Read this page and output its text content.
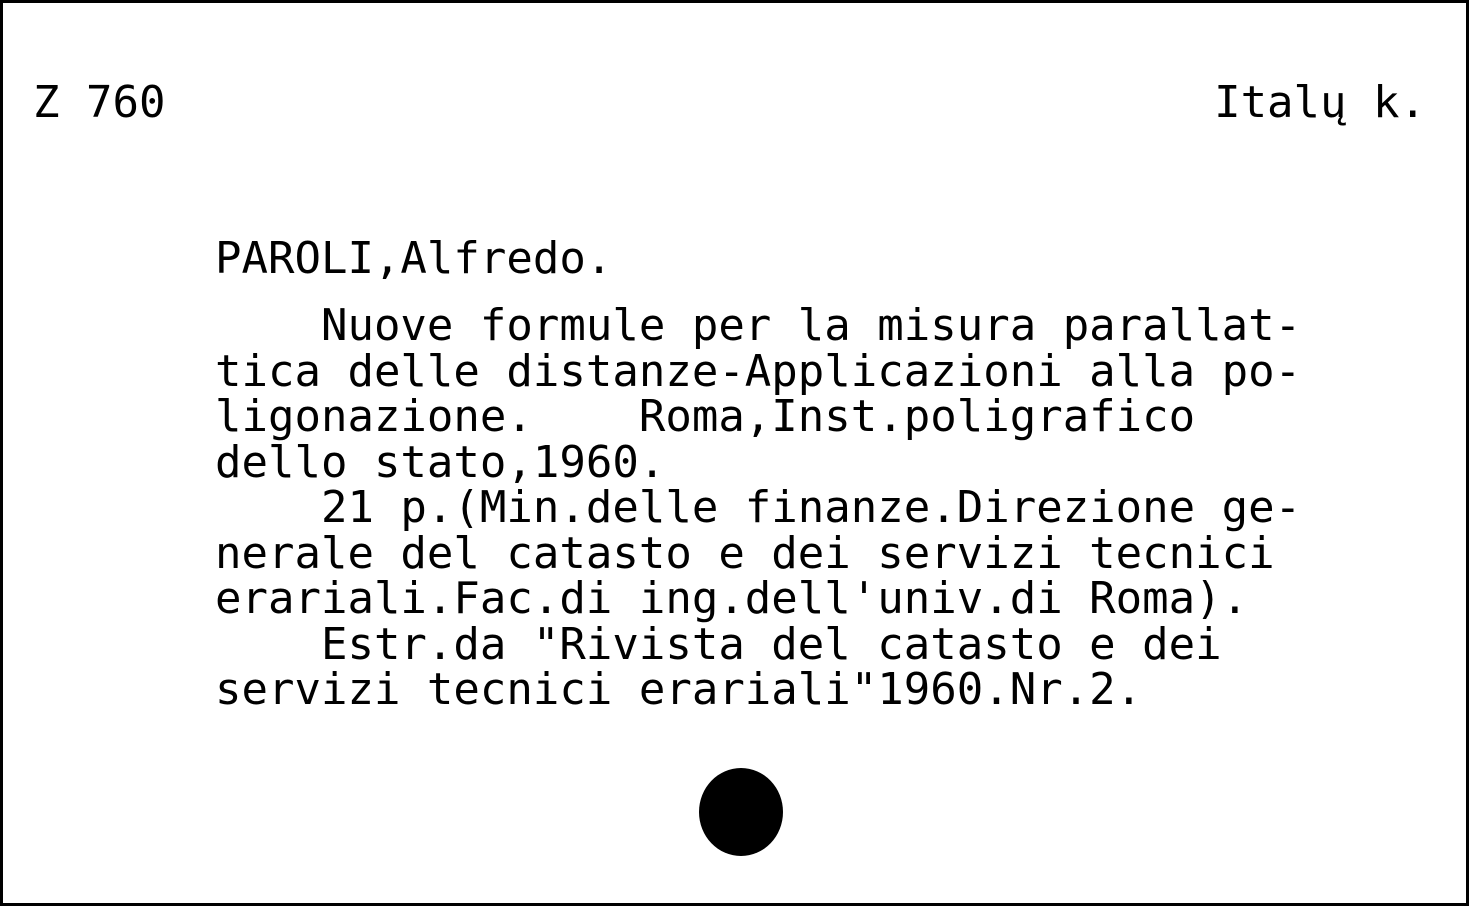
Z 760	Italų k.
PAROLI,Alfredo.
Nuove formule per la misura parallat-
tica delle distanze-Applicazioni alla po-
ligonazione.    Roma,Inst.poligrafico
dello stato,1960.
21 p.(Min.delle finanze.Direzione ge-
nerale del catasto e dei servizi tecnici
erariali.Fac.di ing.dell'univ.di Roma).
Estr.da "Rivista del catasto e dei
servizi tecnici erariali"1960.Nr.2.
